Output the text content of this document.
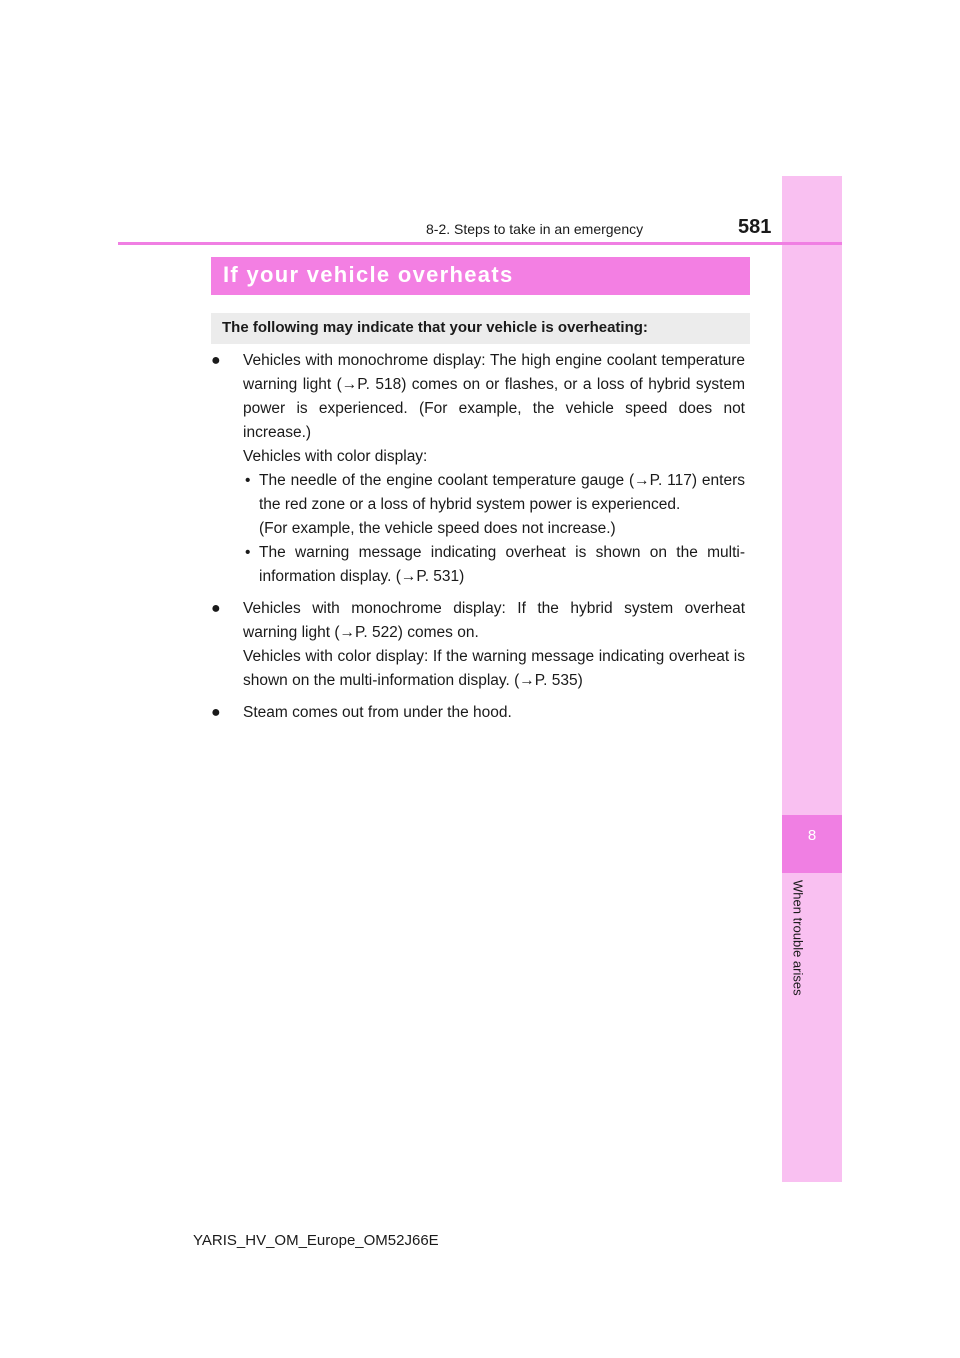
8
When trouble arises
8-2. Steps to take in an emergency	581
If your vehicle overheats
The following may indicate that your vehicle is overheating:
● Vehicles with monochrome display: The high engine coolant temperature warning light (→P. 518) comes on or flashes, or a loss of hybrid system power is experienced. (For example, the vehicle speed does not increase.)

Vehicles with color display:

• The needle of the engine coolant temperature gauge (→P. 117) enters the red zone or a loss of hybrid system power is experienced.
(For example, the vehicle speed does not increase.)
• The warning message indicating overheat is shown on the multi-information display. (→P. 531)
● Vehicles with monochrome display: If the hybrid system overheat warning light (→P. 522) comes on.

Vehicles with color display: If the warning message indicating overheat is shown on the multi-information display. (→P. 535)

● Steam comes out from under the hood.

YARIS_HV_OM_Europe_OM52J66E
